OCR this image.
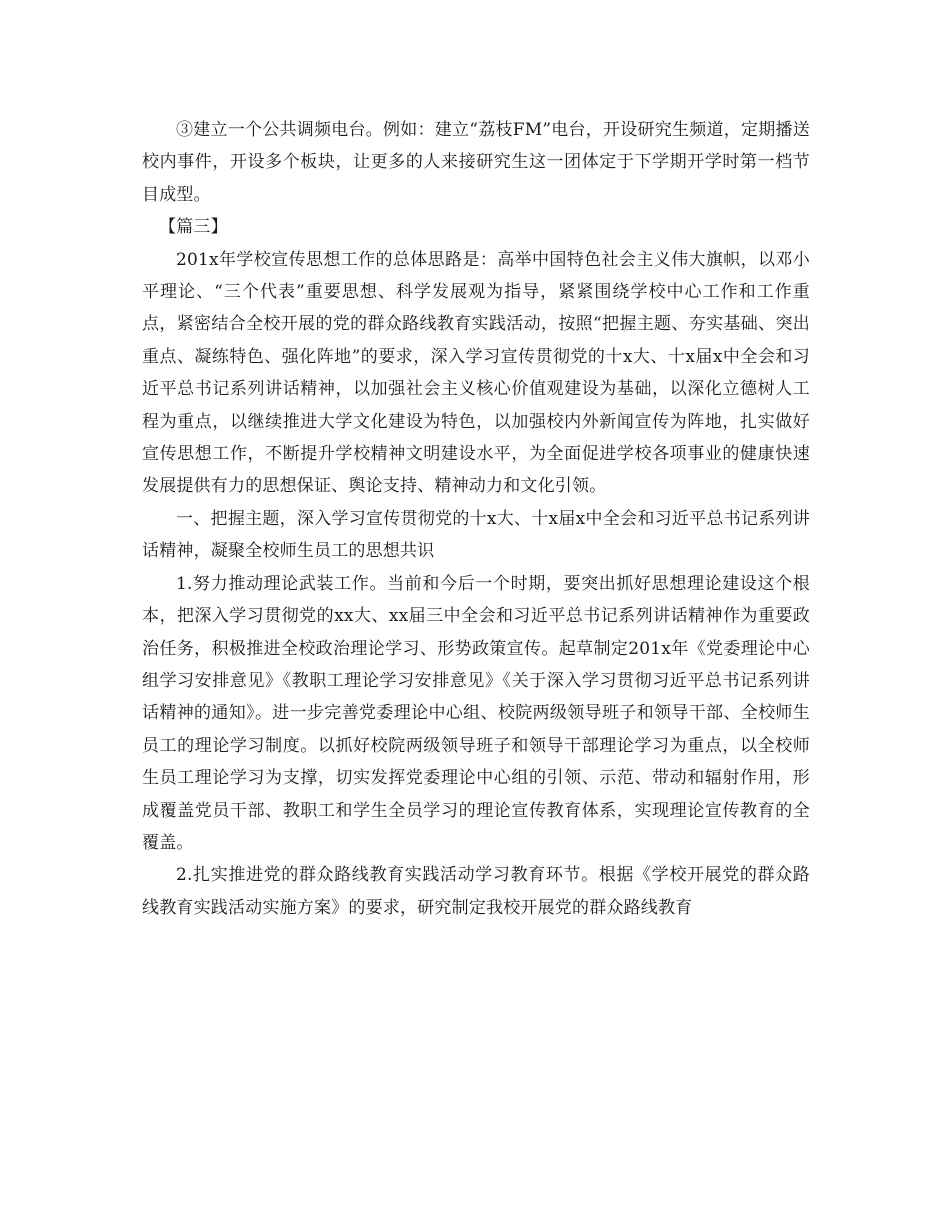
③建立一个公共调频电台。例如：建立“荔枝FM”电台，开设研究生频道，定期播送校内事件，开设多个板块，让更多的人来接研究生这一团体定于下学期开学时第一档节目成型。

【篇三】

201x年学校宣传思想工作的总体思路是：高举中国特色社会主义伟大旗帜，以邓小平理论、“三个代表”重要思想、科学发展观为指导，紧紧围绕学校中心工作和工作重点，紧密结合全校开展的党的群众路线教育实践活动，按照“把握主题、夯实基础、突出重点、凝练特色、强化阵地”的要求，深入学习宣传贯彻党的十x大、十x届x中全会和习近平总书记系列讲话精神，以加强社会主义核心价值观建设为基础，以深化立德树人工程为重点，以继续推进大学文化建设为特色，以加强校内外新闻宣传为阵地，扎实做好宣传思想工作，不断提升学校精神文明建设水平，为全面促进学校各项事业的健康快速发展提供有力的思想保证、舆论支持、精神动力和文化引领。

一、把握主题，深入学习宣传贯彻党的十x大、十x届x中全会和习近平总书记系列讲话精神，凝聚全校师生员工的思想共识

1.努力推动理论武装工作。当前和今后一个时期，要突出抓好思想理论建设这个根本，把深入学习贯彻党的xx大、xx届三中全会和习近平总书记系列讲话精神作为重要政治任务，积极推进全校政治理论学习、形势政策宣传。起草制定201x年《党委理论中心组学习安排意见》《教职工理论学习安排意见》《关于深入学习贯彻习近平总书记系列讲话精神的通知》。进一步完善党委理论中心组、校院两级领导班子和领导干部、全校师生员工的理论学习制度。以抓好校院两级领导班子和领导干部理论学习为重点，以全校师生员工理论学习为支撑，切实发挥党委理论中心组的引领、示范、带动和辐射作用，形成覆盖党员干部、教职工和学生全员学习的理论宣传教育体系，实现理论宣传教育的全覆盖。

2.扎实推进党的群众路线教育实践活动学习教育环节。根据《学校开展党的群众路线教育实践活动实施方案》的要求，研究制定我校开展党的群众路线教育
